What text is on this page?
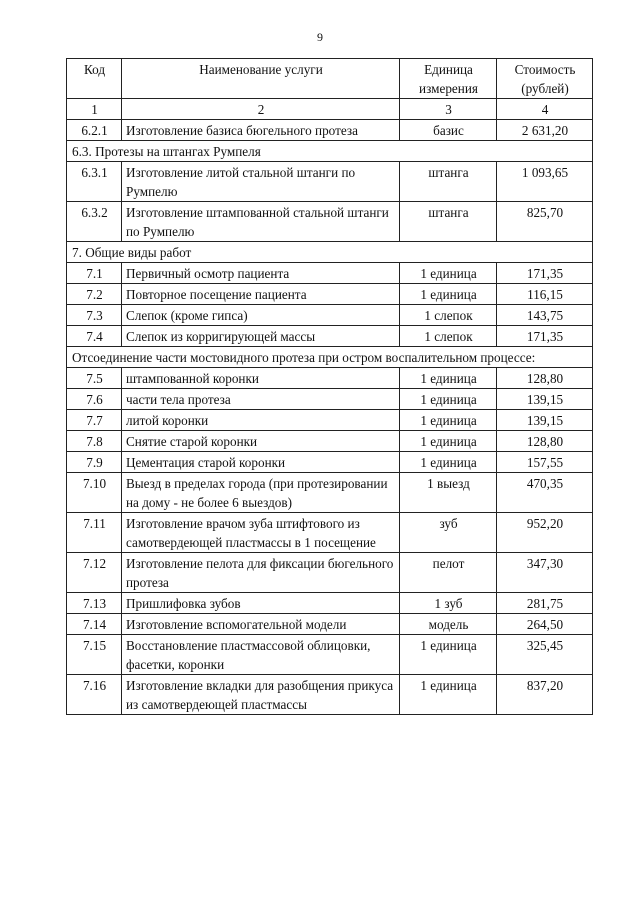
9
Код	Наименование услуги	Единица измерения	Стоимость (рублей)
1	2	3	4
6.2.1	Изготовление базиса бюгельного протеза	базис	2 631,20
6.3. Протезы на штангах Румпеля			
6.3.1	Изготовление литой стальной штанги по Румпелю	штанга	1 093,65
6.3.2	Изготовление штампованной стальной штанги по Румпелю	штанга	825,70
7. Общие виды работ			
7.1	Первичный осмотр пациента	1 единица	171,35
7.2	Повторное посещение пациента	1 единица	116,15
7.3	Слепок (кроме гипса)	1 слепок	143,75
7.4	Слепок из корригирующей массы	1 слепок	171,35
Отсоединение части мостовидного протеза при остром воспалительном процессе:			
7.5	штампованной коронки	1 единица	128,80
7.6	части тела протеза	1 единица	139,15
7.7	литой коронки	1 единица	139,15
7.8	Снятие старой коронки	1 единица	128,80
7.9	Цементация старой коронки	1 единица	157,55
7.10	Выезд в пределах города (при протезировании на дому - не более 6 выездов)	1 выезд	470,35
7.11	Изготовление врачом зуба штифтового из самотвердеющей пластмассы в 1 посещение	зуб	952,20
7.12	Изготовление пелота для фиксации бюгельного протеза	пелот	347,30
7.13	Пришлифовка зубов	1 зуб	281,75
7.14	Изготовление вспомогательной модели	модель	264,50
7.15	Восстановление пластмассовой облицовки, фасетки, коронки	1 единица	325,45
7.16	Изготовление вкладки для разобщения прикуса из самотвердеющей пластмассы	1 единица	837,20
